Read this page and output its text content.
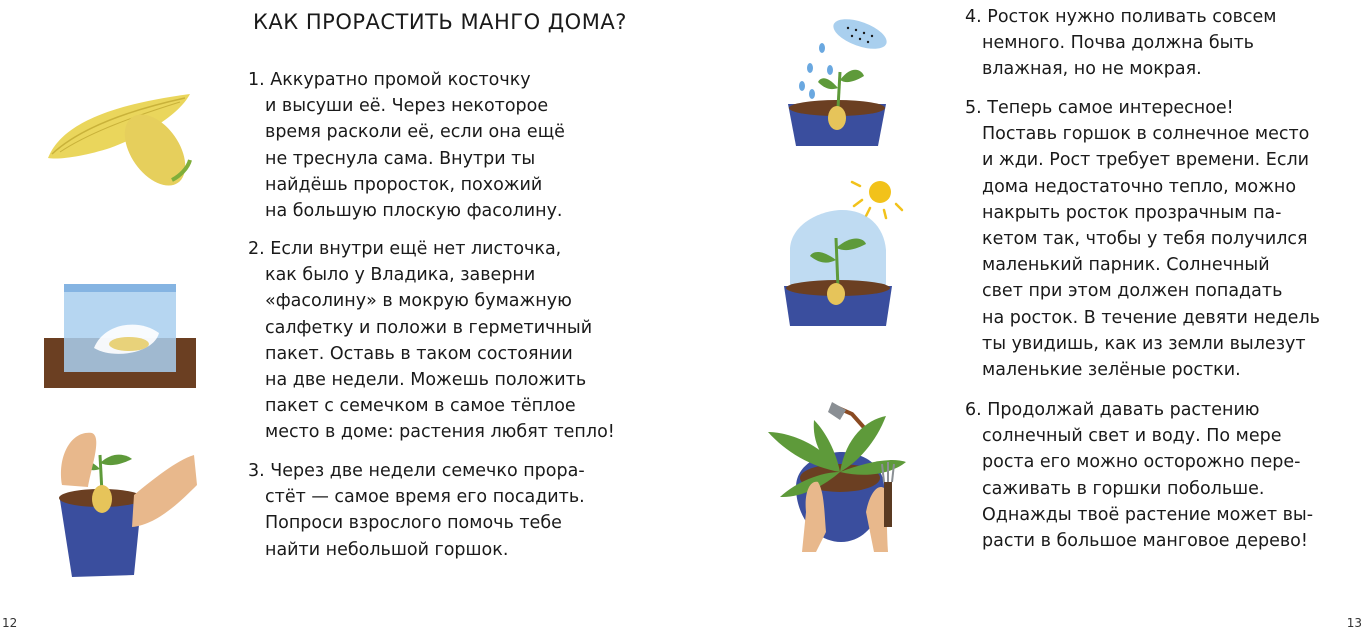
КАК ПРОРАСТИТЬ МАНГО ДОМА?
1. Аккуратно промой косточку
и высуши её. Через некоторое
время расколи её, если она ещё
не треснула сама. Внутри ты
найдёшь проросток, похожий
на большую плоскую фасолину.
2. Если внутри ещё нет листочка,
как было у Владика, заверни
«фасолину» в мокрую бумажную
салфетку и положи в герметичный
пакет. Оставь в таком состоянии
на две недели. Можешь положить
пакет с семечком в самое тёплое
место в доме: растения любят тепло!
3. Через две недели семечко прора-
стёт — самое время его посадить.
Попроси взрослого помочь тебе
найти небольшой горшок.
12
4. Росток нужно поливать совсем
немного. Почва должна быть
влажная, но не мокрая.
5. Теперь самое интересное!
Поставь горшок в солнечное место
и жди. Рост требует времени. Если
дома недостаточно тепло, можно
накрыть росток прозрачным па-
кетом так, чтобы у тебя получился
маленький парник. Солнечный
свет при этом должен попадать
на росток. В течение девяти недель
ты увидишь, как из земли вылезут
маленькие зелёные ростки.
6. Продолжай давать растению
солнечный свет и воду. По мере
роста его можно осторожно пере-
саживать в горшки побольше.
Однажды твоё растение может вы-
расти в большое манговое дерево!
13
